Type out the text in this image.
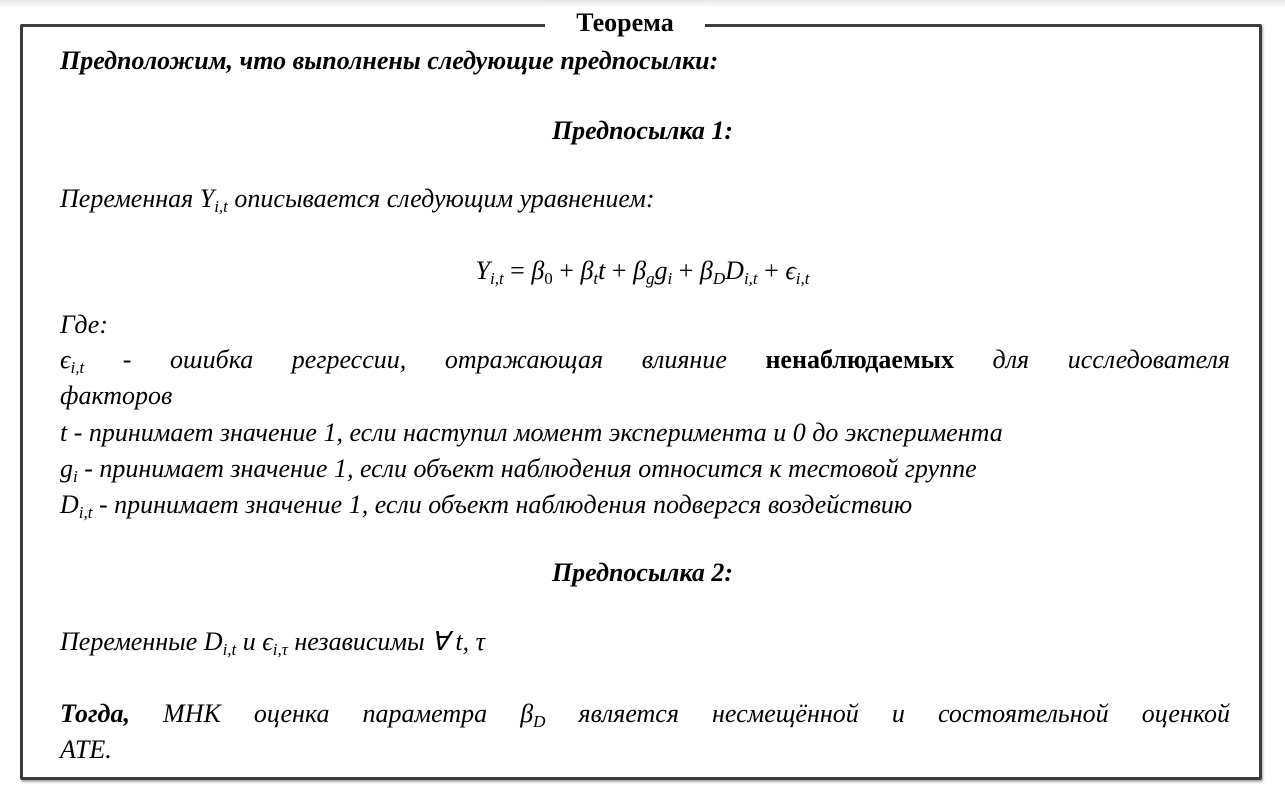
Теорема
Предположим, что выполнены следующие предпосылки:
Предпосылка 1:
Переменная $Y_{i,t}$ описывается следующим уравнением:
$Y_{i,t} = \beta_0 + \beta_tt + \beta_gg_i + \beta_DD_{i,t} + \epsilon_{i,t}$
Где:
$\epsilon_{i,t}$ - ошибка регрессии, отражающая влияние ненаблюдаемых для исследователя
факторов
t - принимает значение 1, если наступил момент эксперимента и 0 до эксперимента
$g_i$ - принимает значение 1, если объект наблюдения относится к тестовой группе
$D_{i,t}$ - принимает значение 1, если объект наблюдения подвергся воздействию
Предпосылка 2:
Переменные $D_{i,t}$ и $\epsilon_{i,\tau}$ независимы ∀ t, τ
Тогда, МНК оценка параметра $\beta_D$ является несмещённой и состоятельной оценкой
ATE.
